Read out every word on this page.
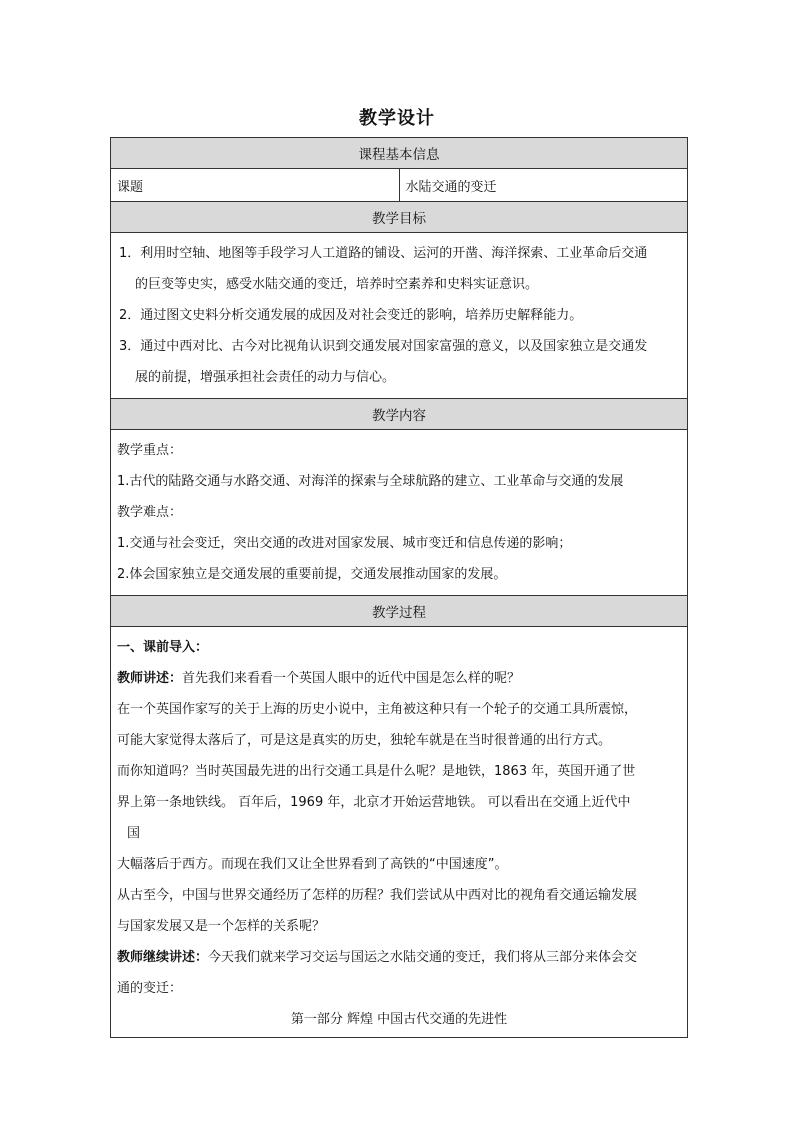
教学设计
课程基本信息
课题	水陆交通的变迁
教学目标

1．利用时空轴、地图等手段学习人工道路的铺设、运河的开凿、海洋探索、工业革命后交通
的巨变等史实，感受水陆交通的变迁，培养时空素养和史料实证意识。
2．通过图文史料分析交通发展的成因及对社会变迁的影响，培养历史解释能力。
3．通过中西对比、古今对比视角认识到交通发展对国家富强的意义，以及国家独立是交通发
展的前提，增强承担社会责任的动力与信心。

教学内容

教学重点：

1.古代的陆路交通与水路交通、对海洋的探索与全球航路的建立、工业革命与交通的发展

教学难点：

1.交通与社会变迁，突出交通的改进对国家发展、城市变迁和信息传递的影响；

2.体会国家独立是交通发展的重要前提，交通发展推动国家的发展。

教学过程

一、课前导入：

教师讲述：首先我们来看看一个英国人眼中的近代中国是怎么样的呢？

在一个英国作家写的关于上海的历史小说中，主角被这种只有一个轮子的交通工具所震惊，

可能大家觉得太落后了，可是这是真实的历史，独轮车就是在当时很普通的出行方式。

而你知道吗？当时英国最先进的出行交通工具是什么呢？是地铁，1863 年，英国开通了世

界上第一条地铁线。 百年后，1969 年，北京才开始运营地铁。 可以看出在交通上近代中

国

大幅落后于西方。而现在我们又让全世界看到了高铁的“中国速度”。

从古至今，中国与世界交通经历了怎样的历程？我们尝试从中西对比的视角看交通运输发展

与国家发展又是一个怎样的关系呢？

教师继续讲述：今天我们就来学习交运与国运之水陆交通的变迁，我们将从三部分来体会交

通的变迁：

第一部分 辉煌 中国古代交通的先进性
